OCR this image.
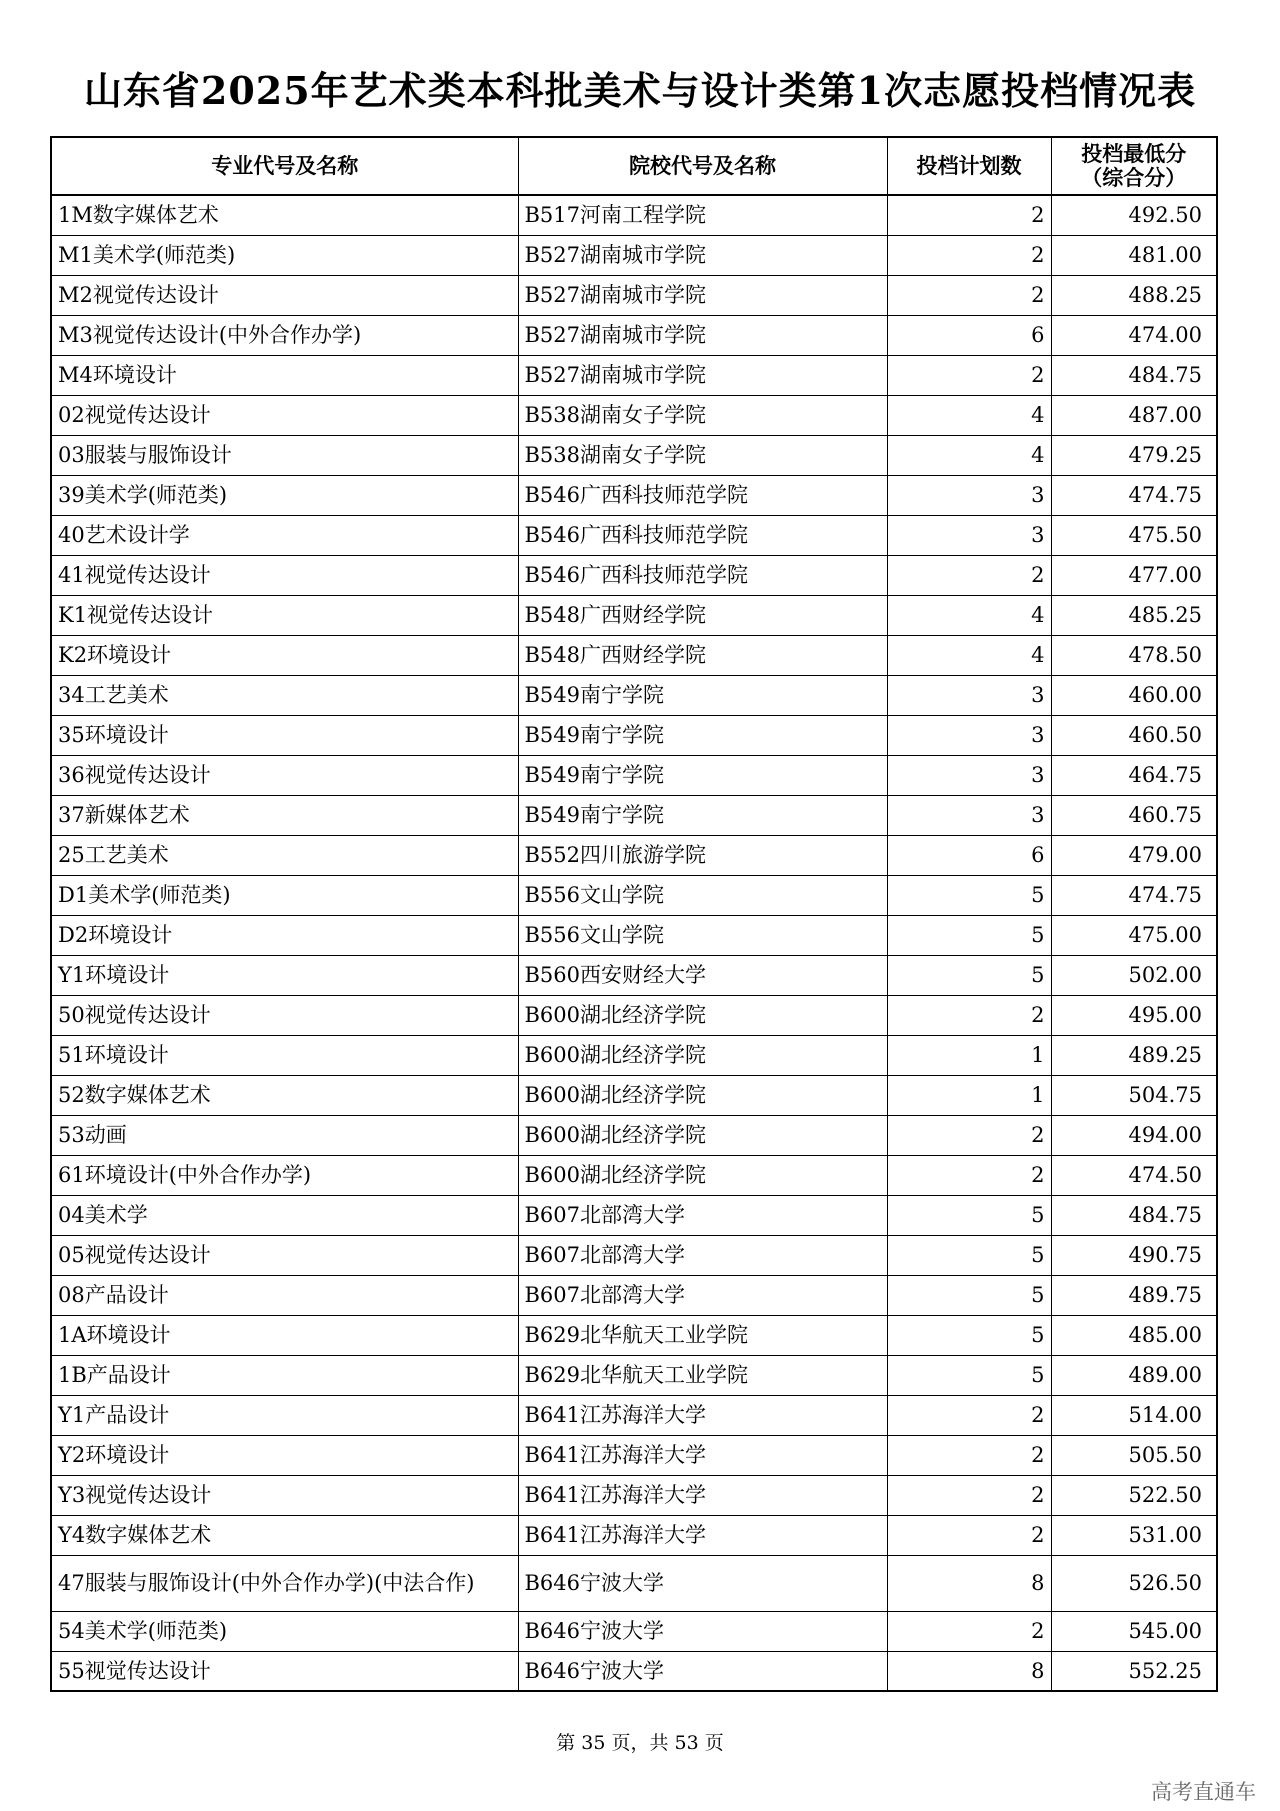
山东省2025年艺术类本科批美术与设计类第1次志愿投档情况表
专业代号及名称	院校代号及名称	投档计划数	投档最低分
（综合分）

1M数字媒体艺术	B517河南工程学院	2	492.50
M1美术学(师范类)	B527湖南城市学院	2	481.00
M2视觉传达设计	B527湖南城市学院	2	488.25
M3视觉传达设计(中外合作办学)	B527湖南城市学院	6	474.00
M4环境设计	B527湖南城市学院	2	484.75
02视觉传达设计	B538湖南女子学院	4	487.00
03服装与服饰设计	B538湖南女子学院	4	479.25
39美术学(师范类)	B546广西科技师范学院	3	474.75
40艺术设计学	B546广西科技师范学院	3	475.50
41视觉传达设计	B546广西科技师范学院	2	477.00
K1视觉传达设计	B548广西财经学院	4	485.25
K2环境设计	B548广西财经学院	4	478.50
34工艺美术	B549南宁学院	3	460.00
35环境设计	B549南宁学院	3	460.50
36视觉传达设计	B549南宁学院	3	464.75
37新媒体艺术	B549南宁学院	3	460.75
25工艺美术	B552四川旅游学院	6	479.00
D1美术学(师范类)	B556文山学院	5	474.75
D2环境设计	B556文山学院	5	475.00
Y1环境设计	B560西安财经大学	5	502.00
50视觉传达设计	B600湖北经济学院	2	495.00
51环境设计	B600湖北经济学院	1	489.25
52数字媒体艺术	B600湖北经济学院	1	504.75
53动画	B600湖北经济学院	2	494.00
61环境设计(中外合作办学)	B600湖北经济学院	2	474.50
04美术学	B607北部湾大学	5	484.75
05视觉传达设计	B607北部湾大学	5	490.75
08产品设计	B607北部湾大学	5	489.75
1A环境设计	B629北华航天工业学院	5	485.00
1B产品设计	B629北华航天工业学院	5	489.00
Y1产品设计	B641江苏海洋大学	2	514.00
Y2环境设计	B641江苏海洋大学	2	505.50
Y3视觉传达设计	B641江苏海洋大学	2	522.50
Y4数字媒体艺术	B641江苏海洋大学	2	531.00
47服装与服饰设计(中外合作办学)(中法合作)	B646宁波大学	8	526.50
54美术学(师范类)	B646宁波大学	2	545.00
55视觉传达设计	B646宁波大学	8	552.25
第 35 页，共 53 页
高考直通车
